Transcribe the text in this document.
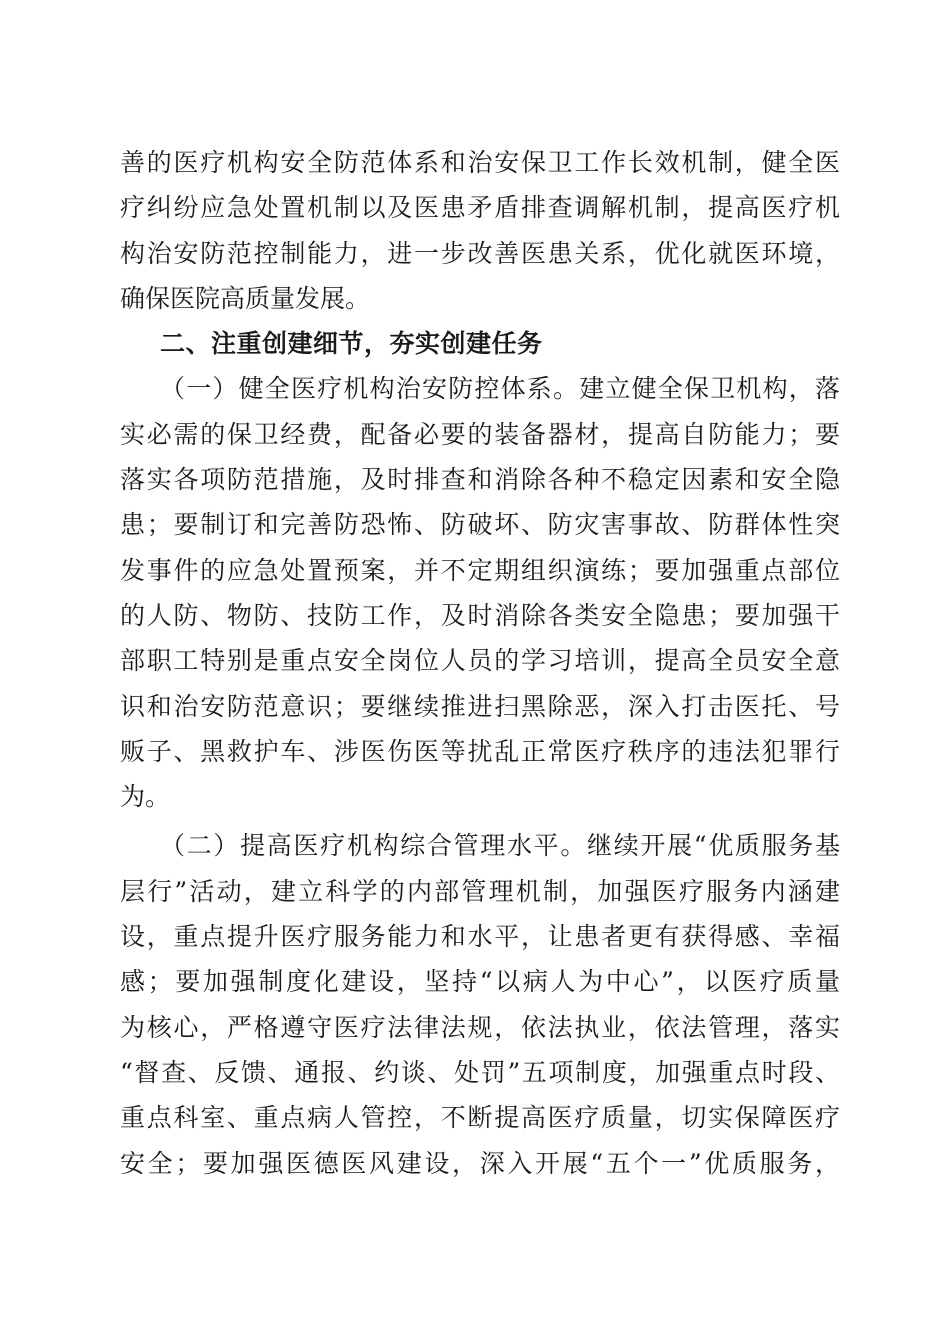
善的医疗机构安全防范体系和治安保卫工作长效机制，健全医
疗纠纷应急处置机制以及医患矛盾排查调解机制，提高医疗机
构治安防范控制能力，进一步改善医患关系，优化就医环境，
确保医院高质量发展。
二、注重创建细节，夯实创建任务
（一）健全医疗机构治安防控体系。建立健全保卫机构，落
实必需的保卫经费，配备必要的装备器材，提高自防能力；要
落实各项防范措施，及时排查和消除各种不稳定因素和安全隐
患；要制订和完善防恐怖、防破坏、防灾害事故、防群体性突
发事件的应急处置预案，并不定期组织演练；要加强重点部位
的人防、物防、技防工作，及时消除各类安全隐患；要加强干
部职工特别是重点安全岗位人员的学习培训，提高全员安全意
识和治安防范意识；要继续推进扫黑除恶，深入打击医托、号
贩子、黑救护车、涉医伤医等扰乱正常医疗秩序的违法犯罪行
为。
（二）提高医疗机构综合管理水平。继续开展“优质服务基
层行”活动，建立科学的内部管理机制，加强医疗服务内涵建
设，重点提升医疗服务能力和水平，让患者更有获得感、幸福
感；要加强制度化建设，坚持“以病人为中心”，以医疗质量
为核心，严格遵守医疗法律法规，依法执业，依法管理，落实
“督查、反馈、通报、约谈、处罚”五项制度，加强重点时段、
重点科室、重点病人管控，不断提高医疗质量，切实保障医疗
安全；要加强医德医风建设，深入开展“五个一”优质服务，
